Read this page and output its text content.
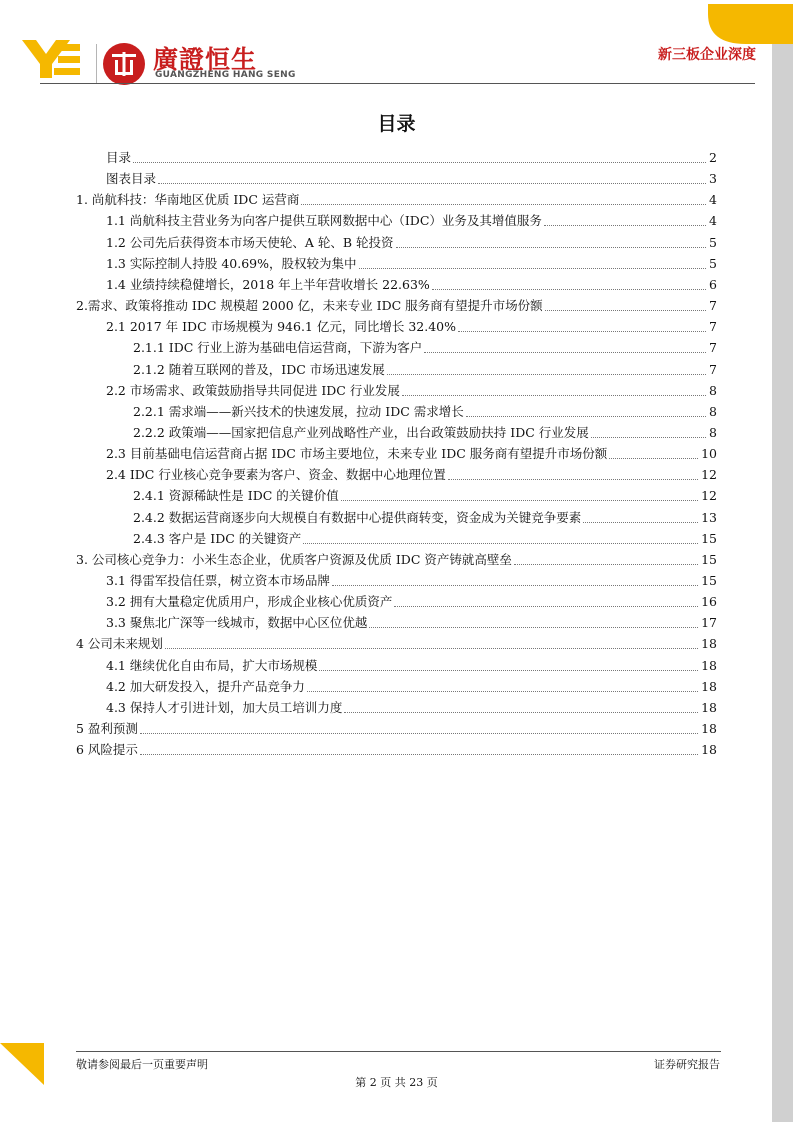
廣證恒生
GUANGZHENG HANG SENG
新三板企业深度
目录
目录	2
图表目录	3
1. 尚航科技：华南地区优质 IDC 运营商	4
1.1 尚航科技主营业务为向客户提供互联网数据中心（IDC）业务及其增值服务	4
1.2 公司先后获得资本市场天使轮、A 轮、B 轮投资	5
1.3 实际控制人持股 40.69%，股权较为集中	5
1.4 业绩持续稳健增长，2018 年上半年营收增长 22.63%	6
2.需求、政策将推动 IDC 规模超 2000 亿，未来专业 IDC 服务商有望提升市场份额	7
2.1 2017 年 IDC 市场规模为 946.1 亿元，同比增长 32.40%	7
2.1.1 IDC 行业上游为基础电信运营商，下游为客户	7
2.1.2 随着互联网的普及，IDC 市场迅速发展	7
2.2 市场需求、政策鼓励指导共同促进 IDC 行业发展	8
2.2.1 需求端——新兴技术的快速发展，拉动 IDC 需求增长	8
2.2.2 政策端——国家把信息产业列战略性产业，出台政策鼓励扶持 IDC 行业发展	8
2.3 目前基础电信运营商占据 IDC 市场主要地位，未来专业 IDC 服务商有望提升市场份额	10
2.4 IDC 行业核心竞争要素为客户、资金、数据中心地理位置	12
2.4.1 资源稀缺性是 IDC 的关键价值	12
2.4.2 数据运营商逐步向大规模自有数据中心提供商转变，资金成为关键竞争要素	13
2.4.3 客户是 IDC 的关键资产	15
3. 公司核心竞争力：小米生态企业，优质客户资源及优质 IDC 资产铸就高壁垒	15
3.1 得雷军投信任票，树立资本市场品牌	15
3.2 拥有大量稳定优质用户，形成企业核心优质资产	16
3.3 聚焦北广深等一线城市，数据中心区位优越	17
4 公司未来规划	18
4.1 继续优化自由布局，扩大市场规模	18
4.2 加大研发投入，提升产品竞争力	18
4.3 保持人才引进计划，加大员工培训力度	18
5 盈利预测	18
6 风险提示	18
敬请参阅最后一页重要声明	证券研究报告
第 2 页 共 23 页
